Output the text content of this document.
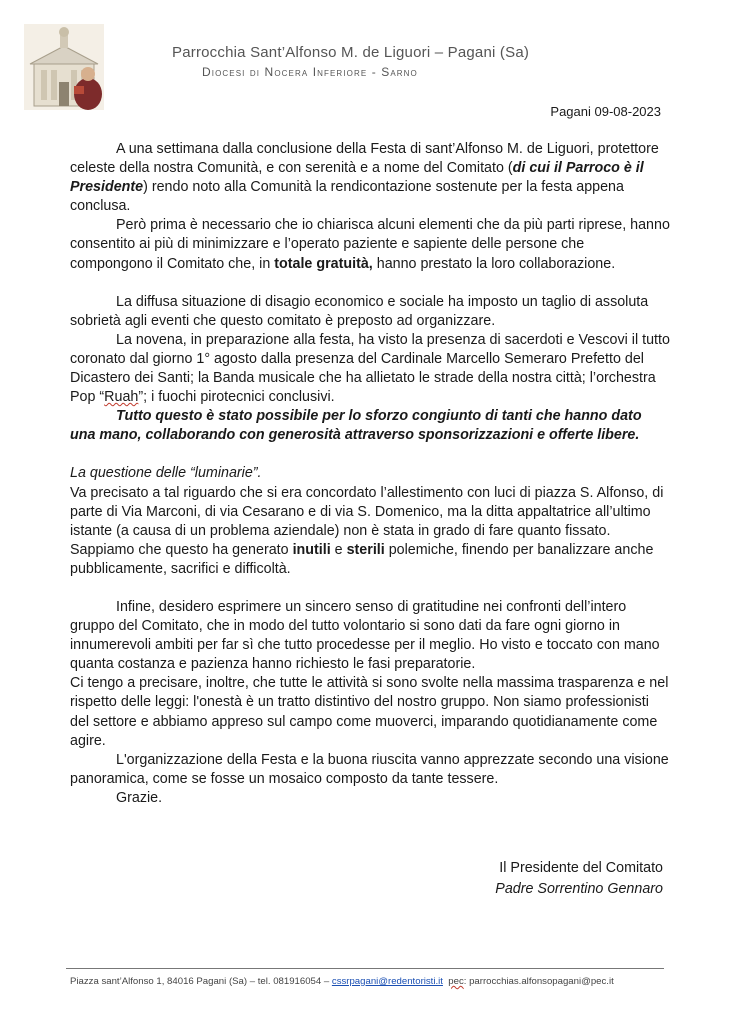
Parrocchia Sant’Alfonso M. de Liguori – Pagani (Sa)
Diocesi di Nocera Inferiore - Sarno
Pagani 09-08-2023

A una settimana dalla conclusione della Festa di sant’Alfonso M. de Liguori, protettore celeste della nostra Comunità, e con serenità e a nome del Comitato (di cui il Parroco è il Presidente) rendo noto alla Comunità la rendicontazione sostenute per la festa appena conclusa.

Però prima è necessario che io chiarisca alcuni elementi che da più parti riprese, hanno consentito ai più di minimizzare e l’operato paziente e sapiente delle persone che compongono il Comitato che, in totale gratuità, hanno prestato la loro collaborazione.

La diffusa situazione di disagio economico e sociale ha imposto un taglio di assoluta sobrietà agli eventi che questo comitato è preposto ad organizzare.

La novena, in preparazione alla festa, ha visto la presenza di sacerdoti e Vescovi il tutto coronato dal giorno 1° agosto dalla presenza del Cardinale Marcello Semeraro Prefetto del Dicastero dei Santi; la Banda musicale che ha allietato le strade della nostra città; l’orchestra Pop “Ruah”; i fuochi pirotecnici conclusivi.

Tutto questo è stato possibile per lo sforzo congiunto di tanti che hanno dato una mano, collaborando con generosità attraverso sponsorizzazioni e offerte libere.

La questione delle “luminarie”.

Va precisato a tal riguardo che si era concordato l’allestimento con luci di piazza S. Alfonso, di parte di Via Marconi, di via Cesarano e di via S. Domenico, ma la ditta appaltatrice all’ultimo istante (a causa di un problema aziendale) non è stata in grado di fare quanto fissato.

Sappiamo che questo ha generato inutili e sterili polemiche, finendo per banalizzare anche pubblicamente, sacrifici e difficoltà.

Infine, desidero esprimere un sincero senso di gratitudine nei confronti dell’intero gruppo del Comitato, che in modo del tutto volontario si sono dati da fare ogni giorno in innumerevoli ambiti per far sì che tutto procedesse per il meglio. Ho visto e toccato con mano quanta costanza e pazienza hanno richiesto le fasi preparatorie.

Ci tengo a precisare, inoltre, che tutte le attività si sono svolte nella massima trasparenza e nel rispetto delle leggi: l'onestà è un tratto distintivo del nostro gruppo. Non siamo professionisti del settore e abbiamo appreso sul campo come muoverci, imparando quotidianamente come agire.

L'organizzazione della Festa e la buona riuscita vanno apprezzate secondo una visione panoramica, come se fosse un mosaico composto da tante tessere.

Grazie.

Il Presidente del Comitato
Padre Sorrentino Gennaro
Piazza sant’Alfonso 1, 84016 Pagani (Sa) – tel. 081916054 – cssrpagani@redentoristi.it pec: parrocchias.alfonsopagani@pec.it
